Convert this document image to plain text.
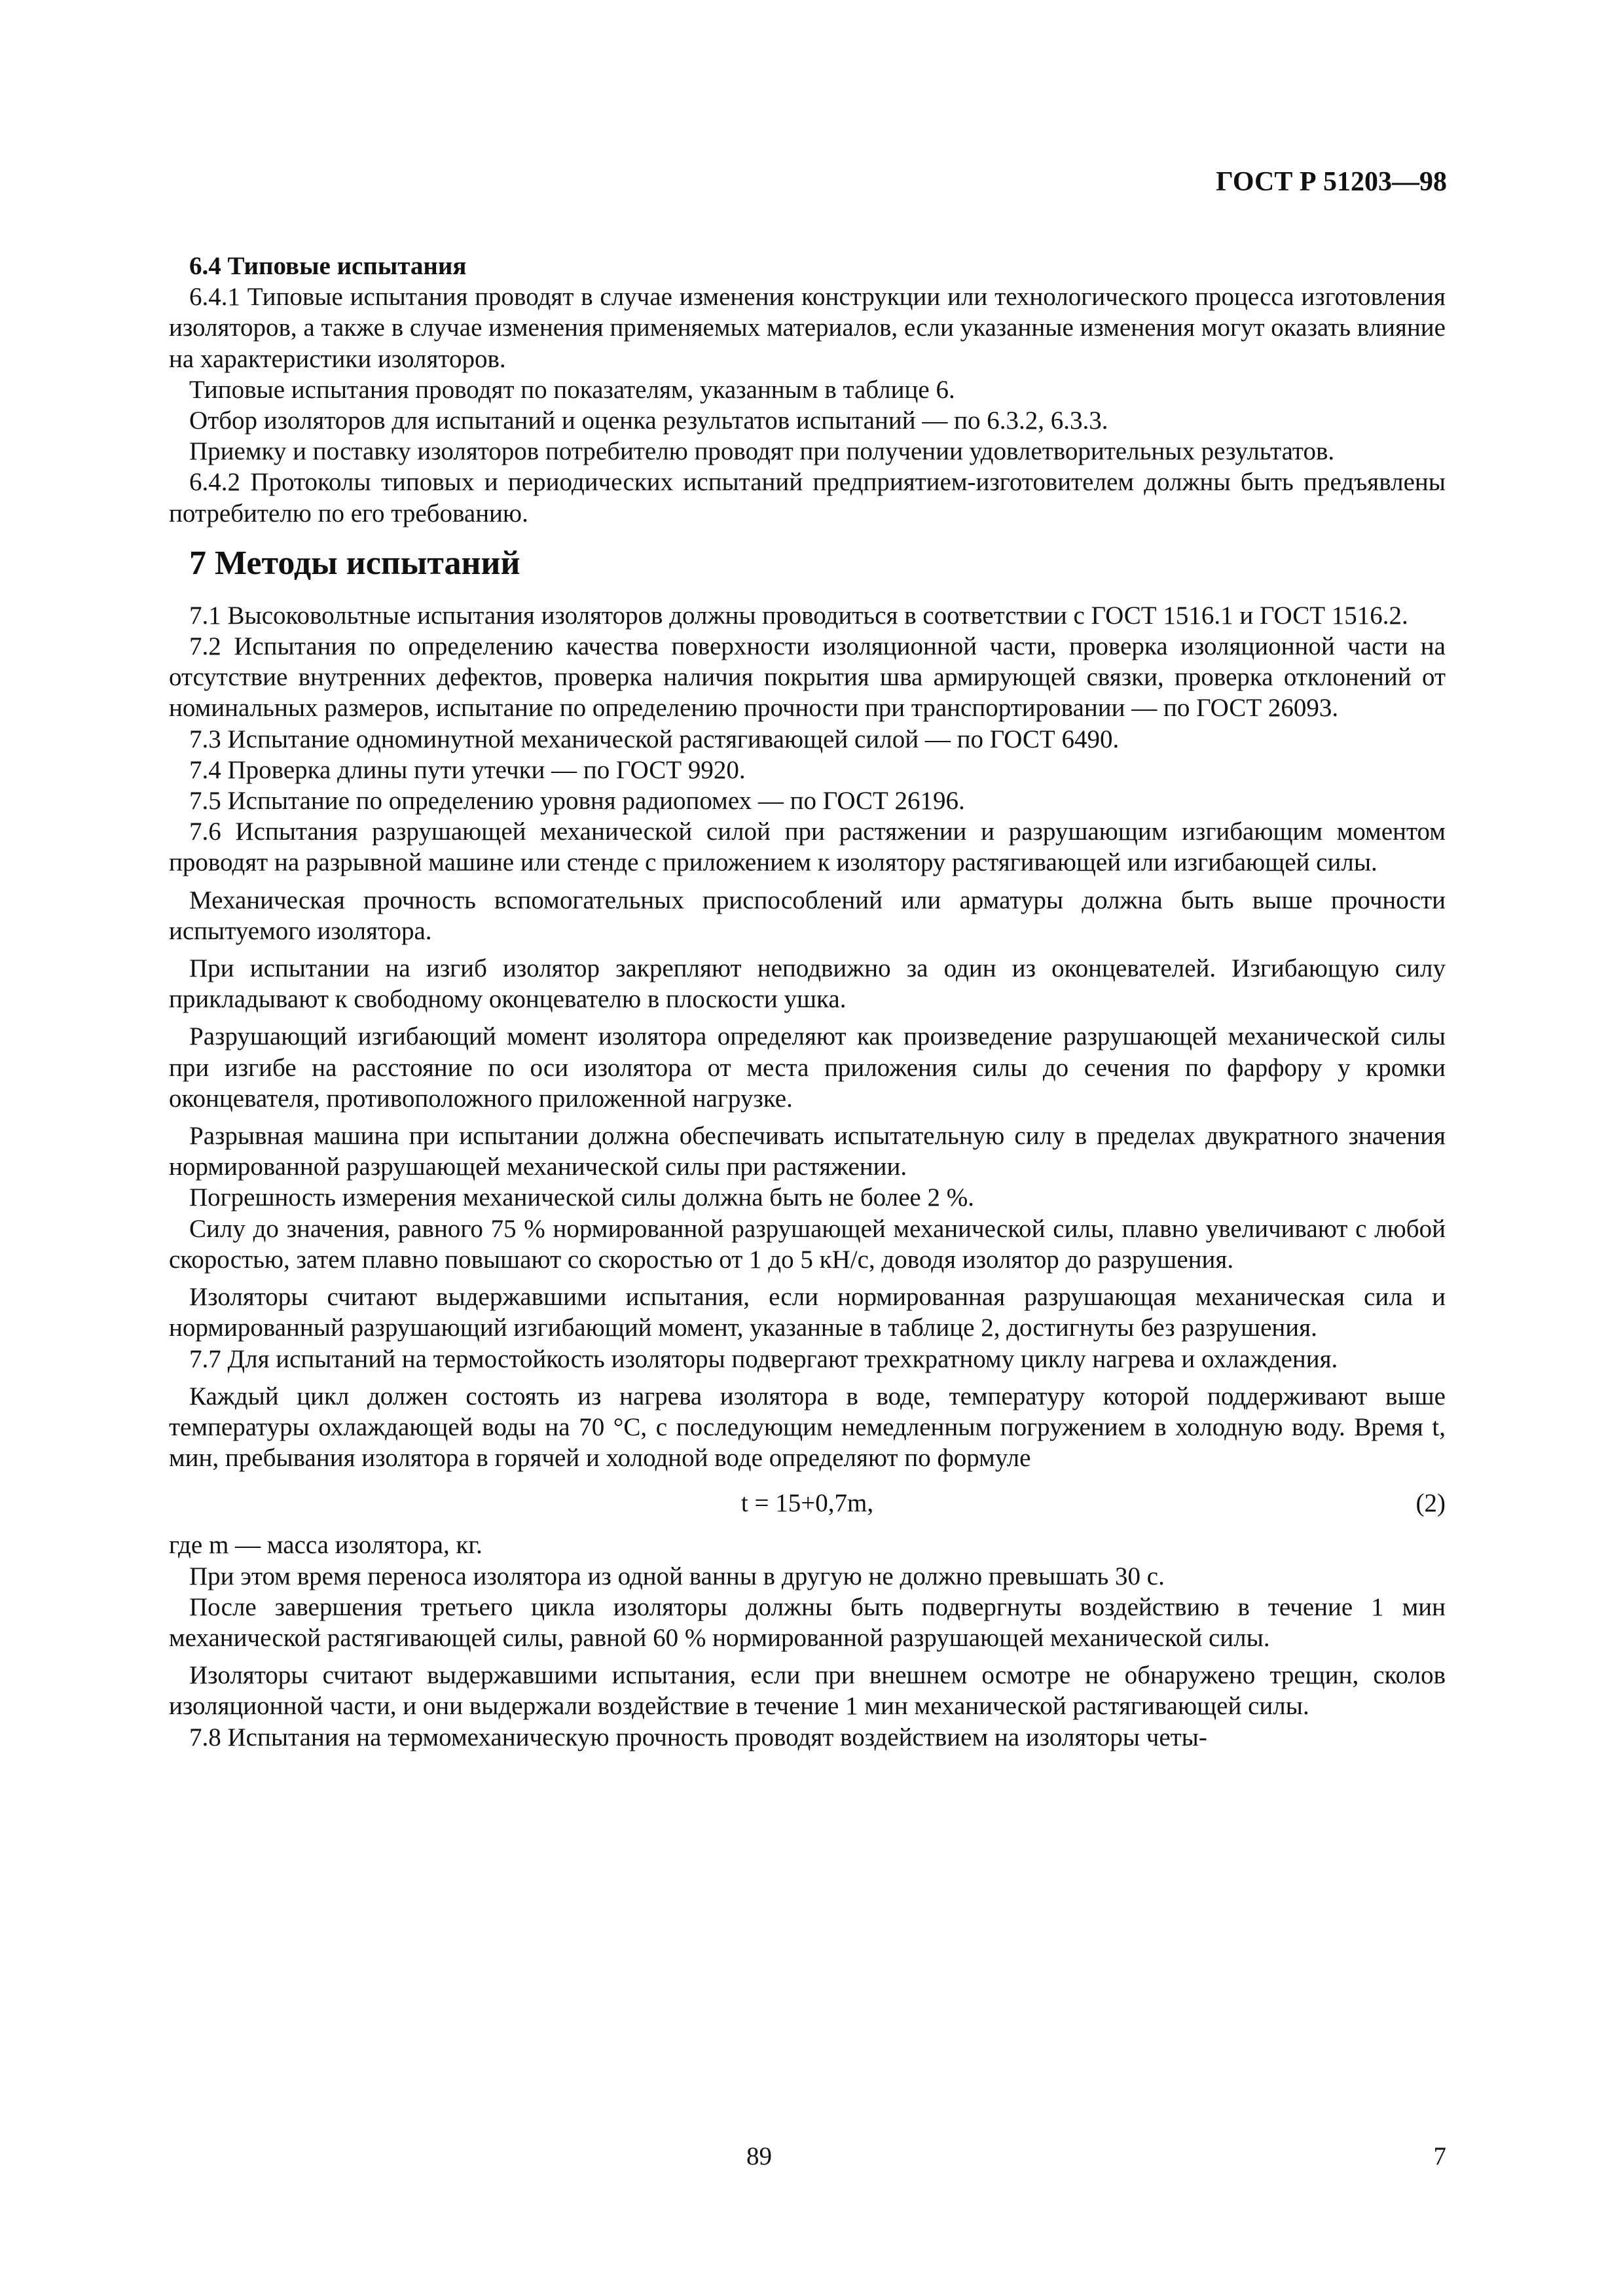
ГОСТ Р 51203—98

6.4 Типовые испытания

6.4.1 Типовые испытания проводят в случае изменения конструкции или технологического процесса изготовления изоляторов, а также в случае изменения применяемых материалов, если указанные изменения могут оказать влияние на характеристики изоляторов.

Типовые испытания проводят по показателям, указанным в таблице 6.

Отбор изоляторов для испытаний и оценка результатов испытаний — по 6.3.2, 6.3.3.

Приемку и поставку изоляторов потребителю проводят при получении удовлетворительных результатов.

6.4.2 Протоколы типовых и периодических испытаний предприятием-изготовителем должны быть предъявлены потребителю по его требованию.

7 Методы испытаний

7.1 Высоковольтные испытания изоляторов должны проводиться в соответствии с ГОСТ 1516.1 и ГОСТ 1516.2.

7.2 Испытания по определению качества поверхности изоляционной части, проверка изоляционной части на отсутствие внутренних дефектов, проверка наличия покрытия шва армирующей связки, проверка отклонений от номинальных размеров, испытание по определению прочности при транспортировании — по ГОСТ 26093.

7.3 Испытание одноминутной механической растягивающей силой — по ГОСТ 6490.

7.4 Проверка длины пути утечки — по ГОСТ 9920.

7.5 Испытание по определению уровня радиопомех — по ГОСТ 26196.

7.6 Испытания разрушающей механической силой при растяжении и разрушающим изгибающим моментом проводят на разрывной машине или стенде с приложением к изолятору растягивающей или изгибающей силы.

Механическая прочность вспомогательных приспособлений или арматуры должна быть выше прочности испытуемого изолятора.

При испытании на изгиб изолятор закрепляют неподвижно за один из оконцевателей. Изгибающую силу прикладывают к свободному оконцевателю в плоскости ушка.

Разрушающий изгибающий момент изолятора определяют как произведение разрушающей механической силы при изгибе на расстояние по оси изолятора от места приложения силы до сечения по фарфору у кромки оконцевателя, противоположного приложенной нагрузке.

Разрывная машина при испытании должна обеспечивать испытательную силу в пределах двукратного значения нормированной разрушающей механической силы при растяжении.

Погрешность измерения механической силы должна быть не более 2 %.

Силу до значения, равного 75 % нормированной разрушающей механической силы, плавно увеличивают с любой скоростью, затем плавно повышают со скоростью от 1 до 5 кН/с, доводя изолятор до разрушения.

Изоляторы считают выдержавшими испытания, если нормированная разрушающая механическая сила и нормированный разрушающий изгибающий момент, указанные в таблице 2, достигнуты без разрушения.

7.7 Для испытаний на термостойкость изоляторы подвергают трехкратному циклу нагрева и охлаждения.

Каждый цикл должен состоять из нагрева изолятора в воде, температуру которой поддерживают выше температуры охлаждающей воды на 70 °С, с последующим немедленным погружением в холодную воду. Время t, мин, пребывания изолятора в горячей и холодной воде определяют по формуле

t = 15+0,7m,	(2)

где m — масса изолятора, кг.

При этом время переноса изолятора из одной ванны в другую не должно превышать 30 с.

После завершения третьего цикла изоляторы должны быть подвергнуты воздействию в течение 1 мин механической растягивающей силы, равной 60 % нормированной разрушающей механической силы.

Изоляторы считают выдержавшими испытания, если при внешнем осмотре не обнаружено трещин, сколов изоляционной части, и они выдержали воздействие в течение 1 мин механической растягивающей силы.

7.8 Испытания на термомеханическую прочность проводят воздействием на изоляторы четы-

89	7
